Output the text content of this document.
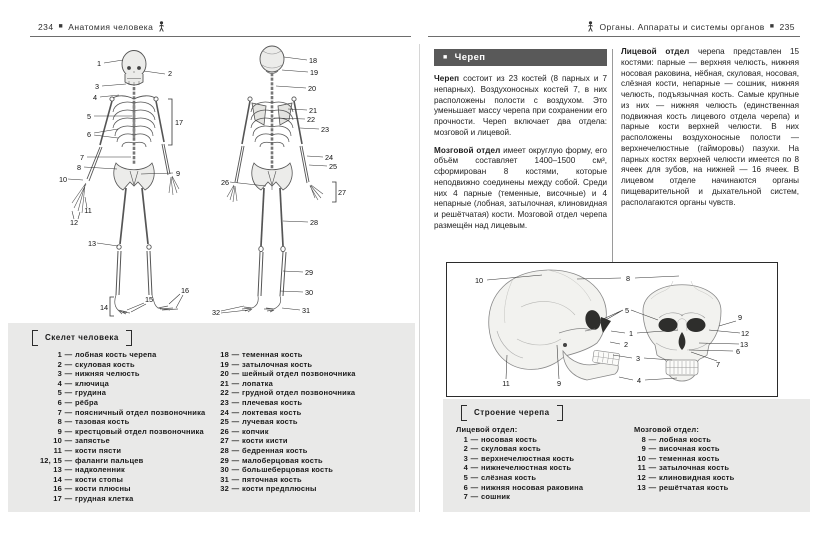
234 ■ Анатомия человека	Органы. Аппараты и системы органов ■ 235
1
2
3
4
5
6
7
8
9
10
11
12
13
14
15
16
17
18
19
20
21
22
23
24
25
26
27
28
29
30
31
32
Скелет человека
1 — лобная кость черепа
2 — скуловая кость
3 — нижняя челюсть
4 — ключица
5 — грудина
6 — рёбра
7 — поясничный отдел позвоночника
8 — тазовая кость
9 — крестцовый отдел позвоночника
10 — запястье
11 — кости пясти
12, 15 — фаланги пальцев
13 — надколенник
14 — кости стопы
16 — кости плюсны
17 — грудная клетка
18 — теменная кость
19 — затылочная кость
20 — шейный отдел позвоночника
21 — лопатка
22 — грудной отдел позвоночника
23 — плечевая кость
24 — локтевая кость
25 — лучевая кость
26 — копчик
27 — кости кисти
28 — бедренная кость
29 — малоберцовая кость
30 — большеберцовая кость
31 — пяточная кость
32 — кости предплюсны
■ Череп

Череп состоит из 23 костей (8 парных и 7 непарных). Воздухоносных костей 7, в них расположены полости с воздухом. Это уменьшает массу черепа при сохранении его прочности. Череп включает два отдела: мозговой и лицевой.

Мозговой отдел имеет округлую форму, его объём составляет 1400–1500 см³, сформирован 8 костями, которые неподвижно соединены между собой. Среди них 4 парные (теменные, височные) и 4 непарные (лобная, затылочная, клиновидная и решётчатая) кости. Мозговой отдел черепа размещён над лицевым.

Лицевой отдел черепа представлен 15 костями: парные — верхняя челюсть, нижняя носовая раковина, нёбная, скуловая, носовая, слёзная кости, непарные — сошник, нижняя челюсть, подъязычная кость. Самые крупные из них — нижняя челюсть (единственная подвижная кость лицевого отдела черепа) и парные кости верхней челюсти. В них расположены воздухоносные полости — верхнечелюстные (гайморовы) пазухи. На парных костях верхней челюсти имеется по 8 ячеек для зубов, на нижней — 16 ячеек. В лицевом отделе начинаются органы пищеварительной и дыхательной систем, располагаются органы чувств.

10	8
5
1
2
3
4
11	9
9
12
13
6
7
Строение черепа
Лицевой отдел:
1 — носовая кость
2 — скуловая кость
3 — верхнечелюстная кость
4 — нижнечелюстная кость
5 — слёзная кость
6 — нижняя носовая раковина
7 — сошник
Мозговой отдел:
8 — лобная кость
9 — височная кость
10 — теменная кость
11 — затылочная кость
12 — клиновидная кость
13 — решётчатая кость
